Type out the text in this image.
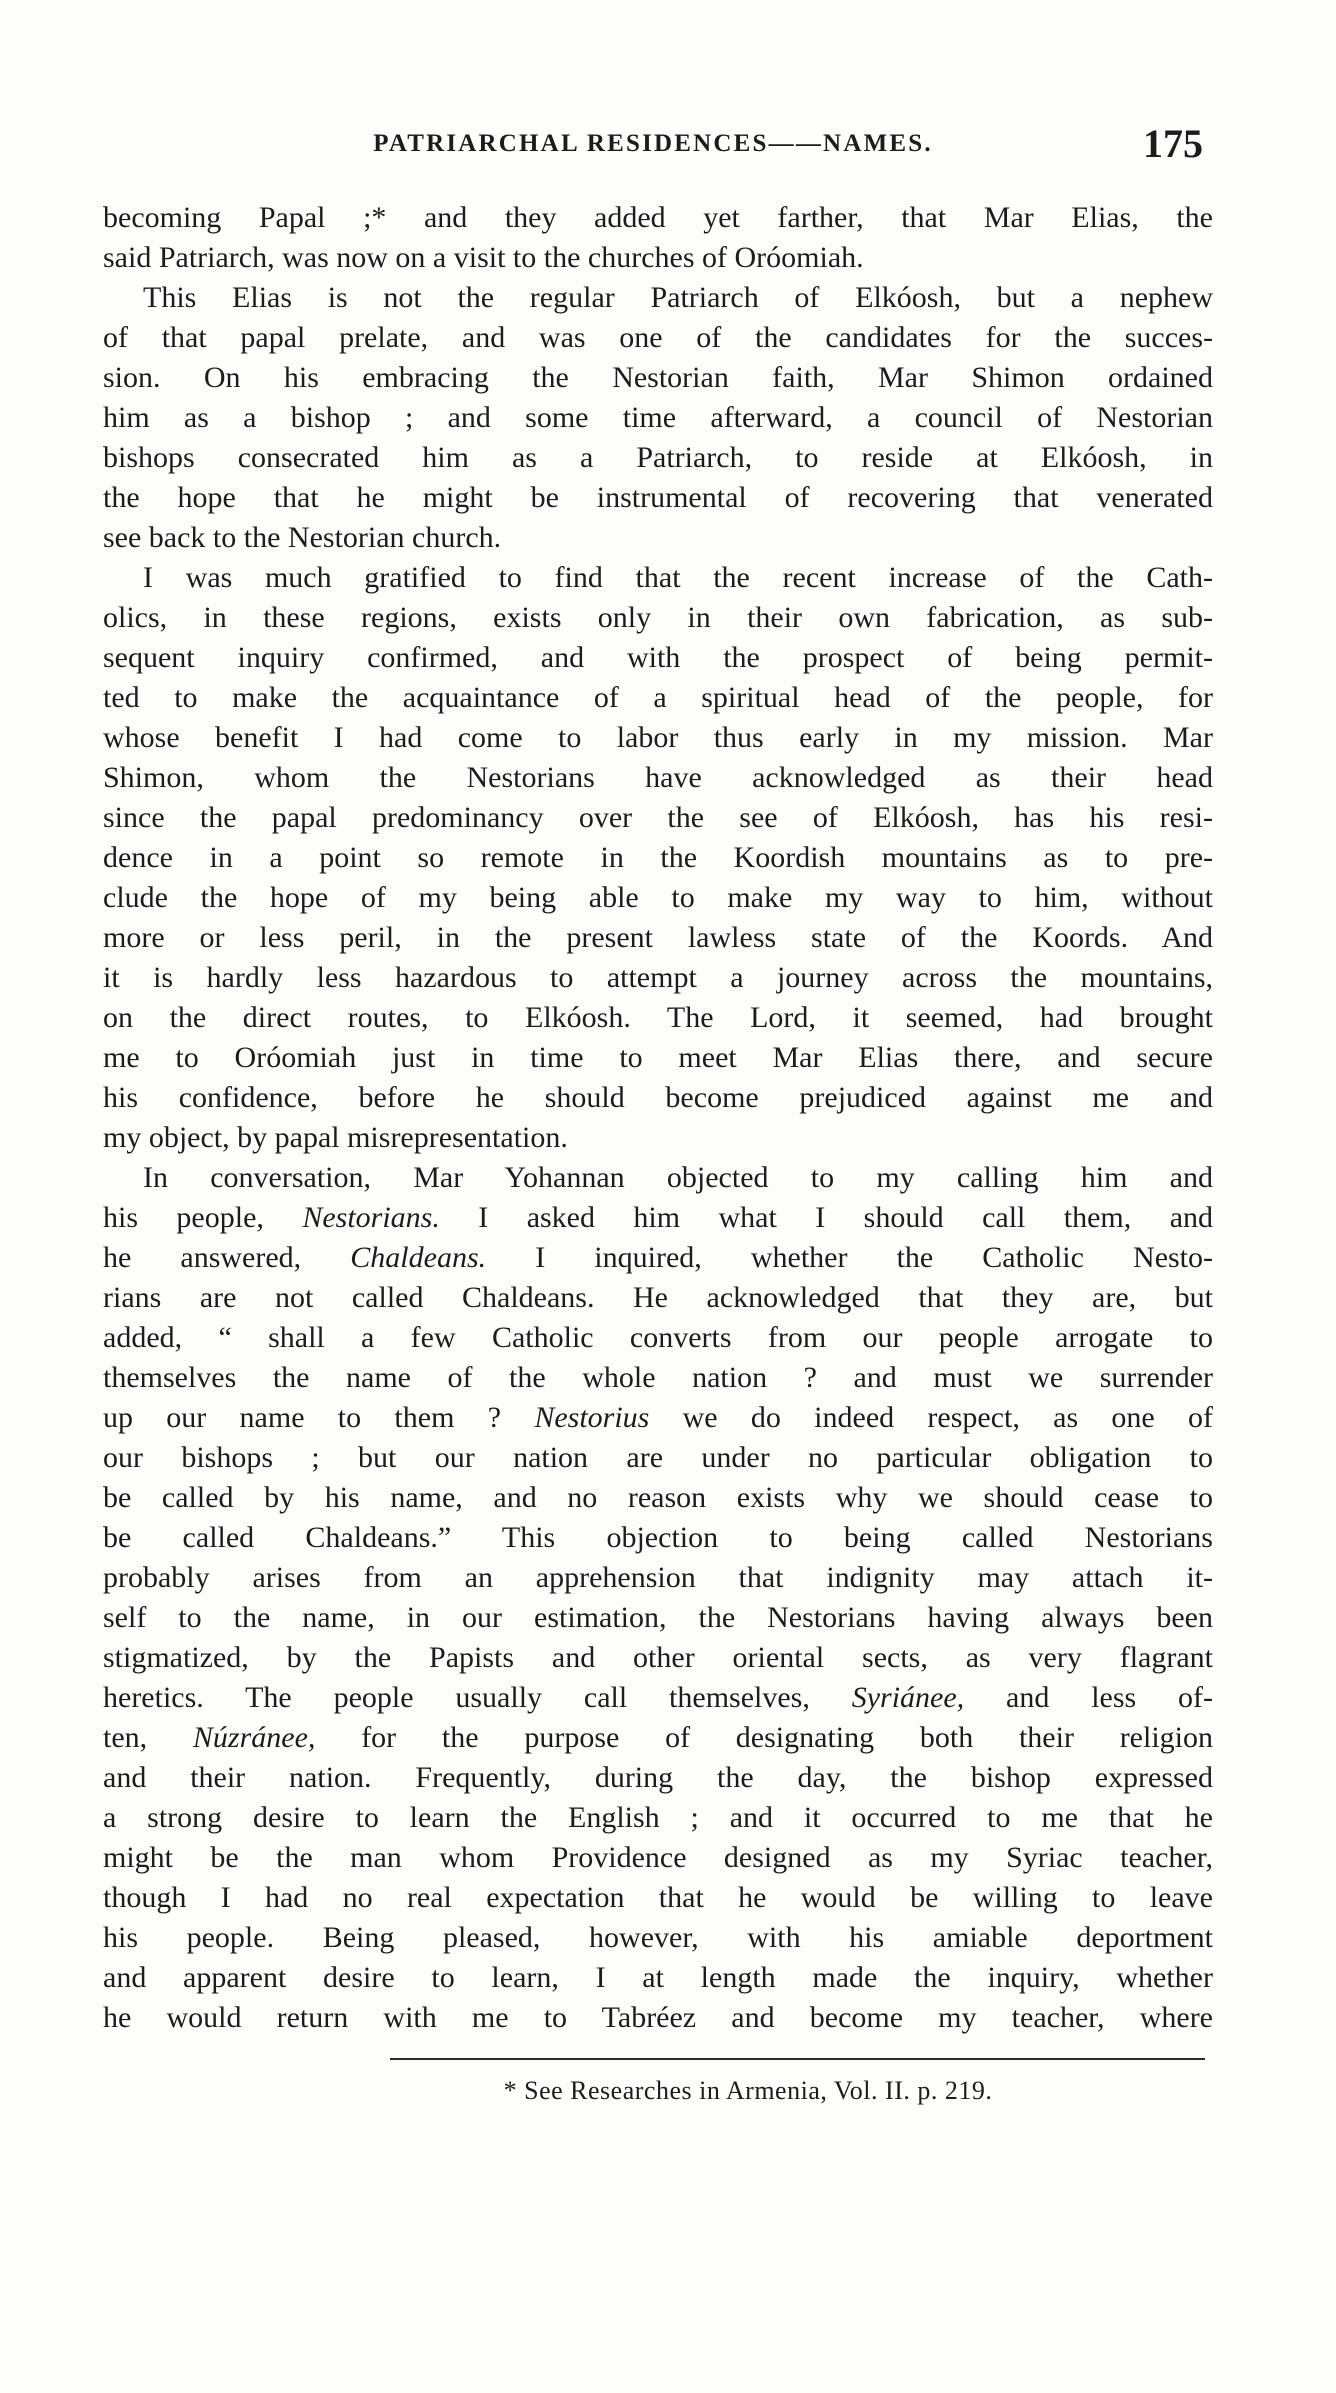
PATRIARCHAL RESIDENCES——NAMES.	175
becoming Papal ;* and they added yet farther, that Mar Elias, the
said Patriarch, was now on a visit to the churches of Oróomiah.
This Elias is not the regular Patriarch of Elkóosh, but a nephew
of that papal prelate, and was one of the candidates for the succes-
sion. On his embracing the Nestorian faith, Mar Shimon ordained
him as a bishop ; and some time afterward, a council of Nestorian
bishops consecrated him as a Patriarch, to reside at Elkóosh, in
the hope that he might be instrumental of recovering that venerated
see back to the Nestorian church.
I was much gratified to find that the recent increase of the Cath-
olics, in these regions, exists only in their own fabrication, as sub-
sequent inquiry confirmed, and with the prospect of being permit-
ted to make the acquaintance of a spiritual head of the people, for
whose benefit I had come to labor thus early in my mission. Mar
Shimon, whom the Nestorians have acknowledged as their head
since the papal predominancy over the see of Elkóosh, has his resi-
dence in a point so remote in the Koordish mountains as to pre-
clude the hope of my being able to make my way to him, without
more or less peril, in the present lawless state of the Koords. And
it is hardly less hazardous to attempt a journey across the mountains,
on the direct routes, to Elkóosh. The Lord, it seemed, had brought
me to Oróomiah just in time to meet Mar Elias there, and secure
his confidence, before he should become prejudiced against me and
my object, by papal misrepresentation.
In conversation, Mar Yohannan objected to my calling him and
his people, Nestorians. I asked him what I should call them, and
he answered, Chaldeans. I inquired, whether the Catholic Nesto-
rians are not called Chaldeans. He acknowledged that they are, but
added, “ shall a few Catholic converts from our people arrogate to
themselves the name of the whole nation ? and must we surrender
up our name to them ? Nestorius we do indeed respect, as one of
our bishops ; but our nation are under no particular obligation to
be called by his name, and no reason exists why we should cease to
be called Chaldeans.” This objection to being called Nestorians
probably arises from an apprehension that indignity may attach it-
self to the name, in our estimation, the Nestorians having always been
stigmatized, by the Papists and other oriental sects, as very flagrant
heretics. The people usually call themselves, Syriánee, and less of-
ten, Núzránee, for the purpose of designating both their religion
and their nation. Frequently, during the day, the bishop expressed
a strong desire to learn the English ; and it occurred to me that he
might be the man whom Providence designed as my Syriac teacher,
though I had no real expectation that he would be willing to leave
his people. Being pleased, however, with his amiable deportment
and apparent desire to learn, I at length made the inquiry, whether
he would return with me to Tabréez and become my teacher, where
* See Researches in Armenia, Vol. II. p. 219.
